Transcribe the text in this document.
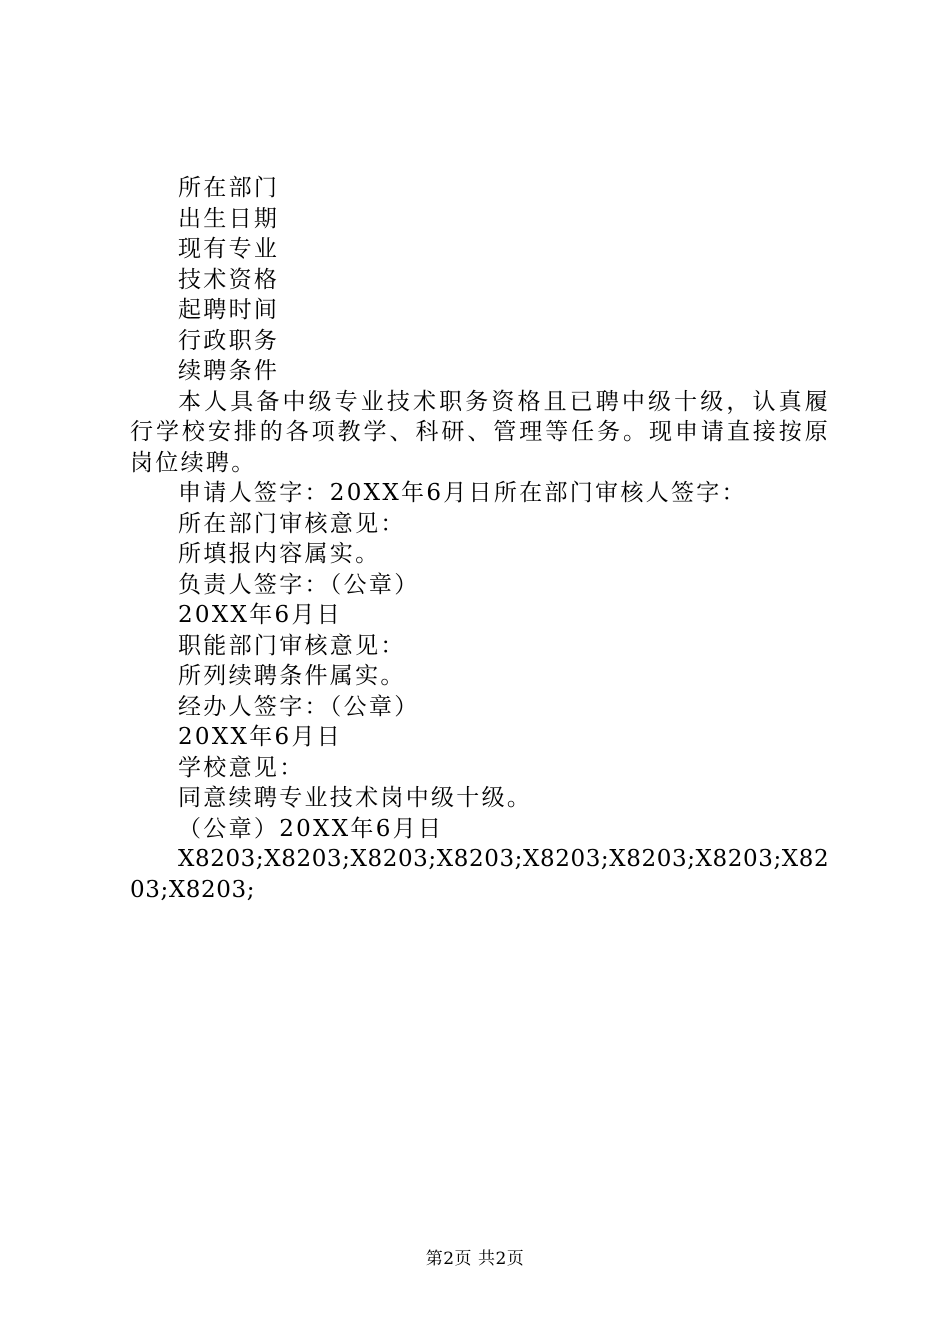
所在部门
出生日期
现有专业
技术资格
起聘时间
行政职务
续聘条件
本人具备中级专业技术职务资格且已聘中级十级，认真履行学校安排的各项教学、科研、管理等任务。现申请直接按原岗位续聘。
申请人签字：20XX年6月日所在部门审核人签字：
所在部门审核意见：
所填报内容属实。
负责人签字：（公章）
20XX年6月日
职能部门审核意见：
所列续聘条件属实。
经办人签字：（公章）
20XX年6月日
学校意见：
同意续聘专业技术岗中级十级。
（公章）20XX年6月日
X8203;X8203;X8203;X8203;X8203;X8203;X8203;X8203;X8203;
第2页 共2页
